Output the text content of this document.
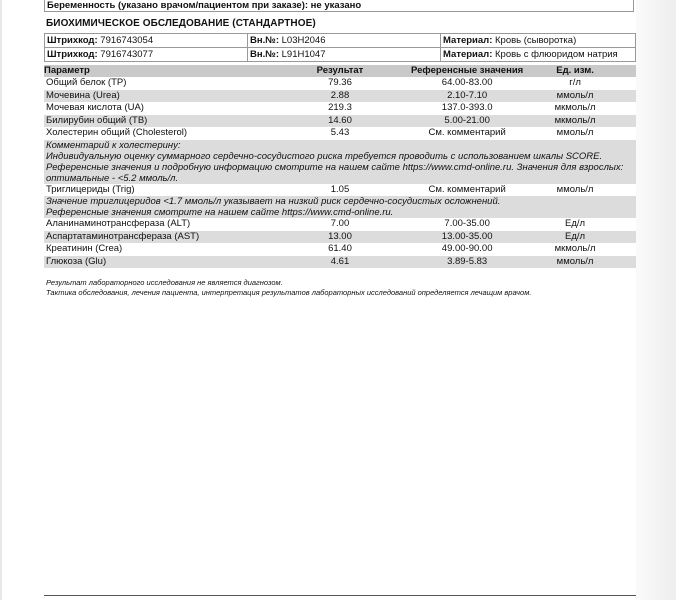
Беременность (указано врачом/пациентом при заказе): не указано
БИОХИМИЧЕСКОЕ ОБСЛЕДОВАНИЕ (СТАНДАРТНОЕ)
Штрихкод: 7916743054	Вн.№: L03H2046	Материал: Кровь (сыворотка)
Штрихкод: 7916743077	Вн.№: L91H1047	Материал: Кровь с флюоридом натрия
Параметр	Результат	Референсные значения	Ед. изм.	
Общий белок (TP)	79.36	64.00-83.00	г/л	
Мочевина (Urea)	2.88	2.10-7.10	ммоль/л	
Мочевая кислота (UA)	219.3	137.0-393.0	мкмоль/л	
Билирубин общий (TB)	14.60	5.00-21.00	мкмоль/л	
Холестерин общий (Cholesterol)	5.43	См. комментарий	ммоль/л	

Комментарий к холестерину:
Индивидуальную оценку суммарного сердечно-сосудистого риска требуется проводить с использованием шкалы SCORE.
Референсные значения и подробную информацию смотрите на нашем сайте https://www.cmd-online.ru. Значения для взрослых:
оптимальные - <5.2 ммоль/л.				

Триглицериды (Trig)	1.05	См. комментарий	ммоль/л	

Значение триглицеридов <1.7 ммоль/л указывает на низкий риск сердечно-сосудистых осложнений.
Референсные значения смотрите на нашем сайте https://www.cmd-online.ru.				

Аланинаминотрансфераза (ALT)	7.00	7.00-35.00	Ед/л	
Аспартатаминотрансфераза (AST)	13.00	13.00-35.00	Ед/л	
Креатинин (Crea)	61.40	49.00-90.00	мкмоль/л	
Глюкоза (Glu)	4.61	3.89-5.83	ммоль/л	
Результат лабораторного исследования не является диагнозом.
Тактика обследования, лечения пациента, интерпретация результатов лабораторных исследований определяется лечащим врачом.
